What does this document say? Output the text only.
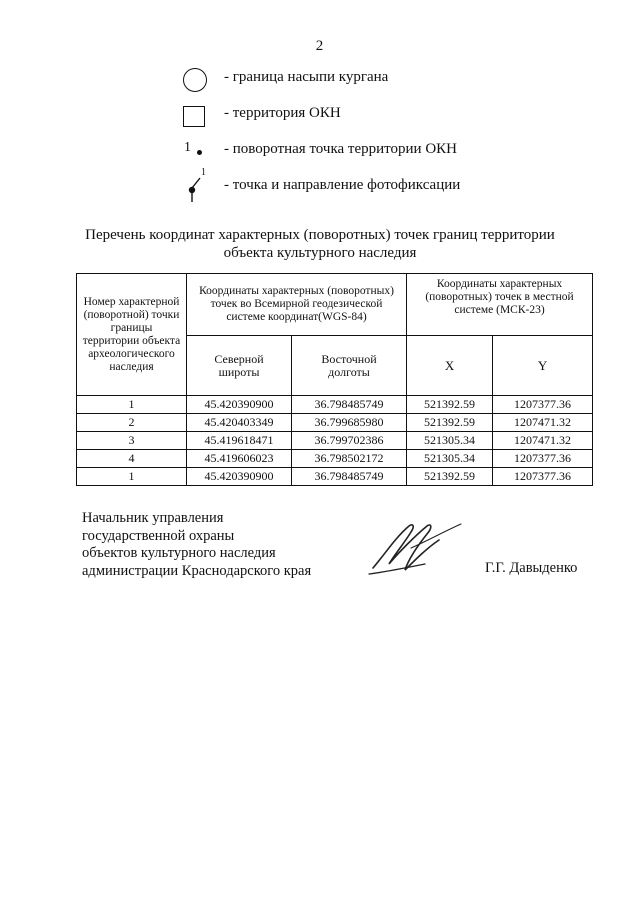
2
- граница насыпи кургана
- территория ОКН
1 - поворотная точка территории ОКН
1
- точка и направление фотофиксации
Перечень координат характерных (поворотных) точек границ территории
объекта культурного наследия
Номер характерной (поворотной) точки границы территории объекта археологического наследия	Координаты характерных (поворотных) точек во Всемирной геодезической системе координат(WGS-84)		Координаты характерных (поворотных) точек в местной системе (МСК-23)	
	Северной широты	Восточной долготы	X	Y
1	45.420390900	36.798485749	521392.59	1207377.36
2	45.420403349	36.799685980	521392.59	1207471.32
3	45.419618471	36.799702386	521305.34	1207471.32
4	45.419606023	36.798502172	521305.34	1207377.36
1	45.420390900	36.798485749	521392.59	1207377.36
Начальник управления
государственной охраны
объектов культурного наследия
администрации Краснодарского края	Г.Г. Давыденко
